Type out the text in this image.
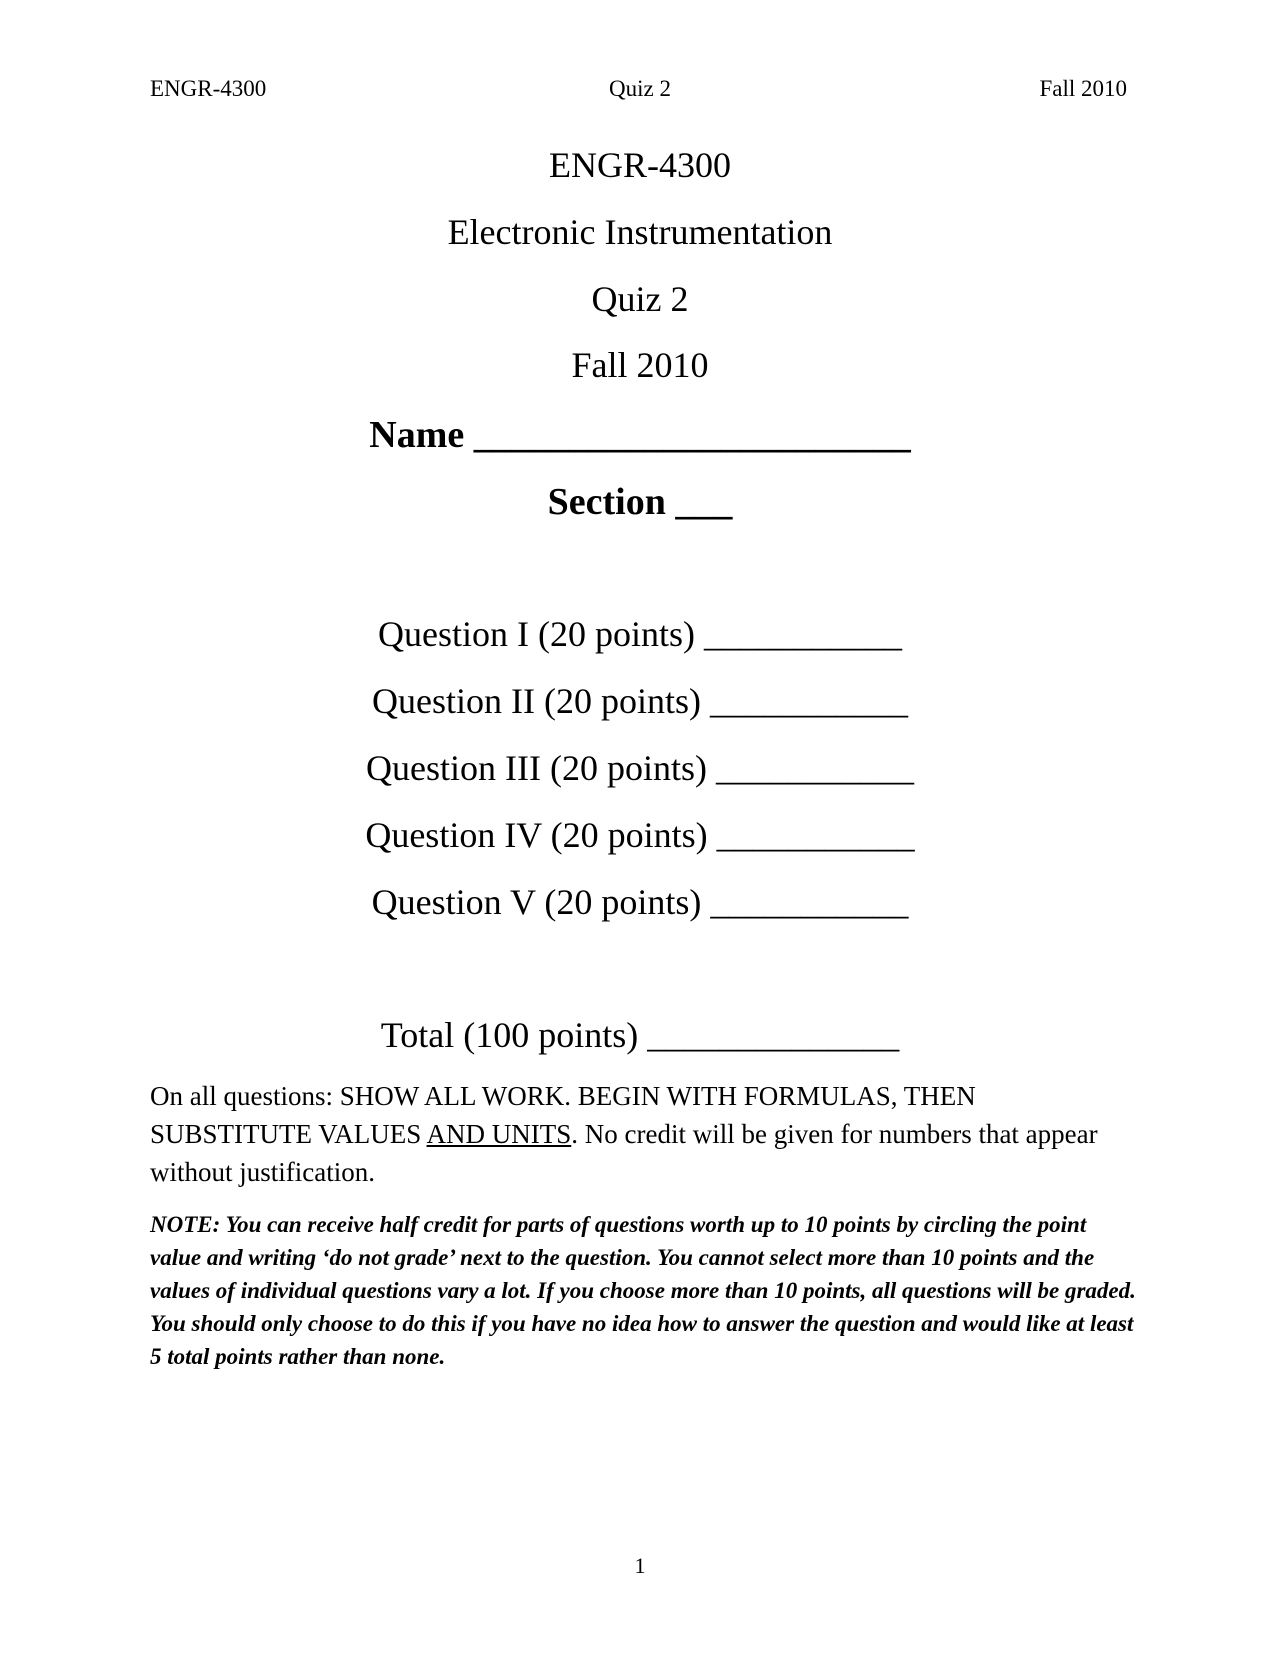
ENGR-4300	Quiz 2	Fall 2010
ENGR-4300
Electronic Instrumentation
Quiz 2
Fall 2010
Name _______________________
Section ___
Question I (20 points) ___________
Question II (20 points) ___________
Question III (20 points) ___________
Question IV (20 points) ___________
Question V (20 points) ___________
Total (100 points) ______________
On all questions: SHOW ALL WORK. BEGIN WITH FORMULAS, THEN SUBSTITUTE VALUES AND UNITS. No credit will be given for numbers that appear without justification.
NOTE: You can receive half credit for parts of questions worth up to 10 points by circling the point value and writing ‘do not grade’ next to the question. You cannot select more than 10 points and the values of individual questions vary a lot. If you choose more than 10 points, all questions will be graded. You should only choose to do this if you have no idea how to answer the question and would like at least 5 total points rather than none.
1
